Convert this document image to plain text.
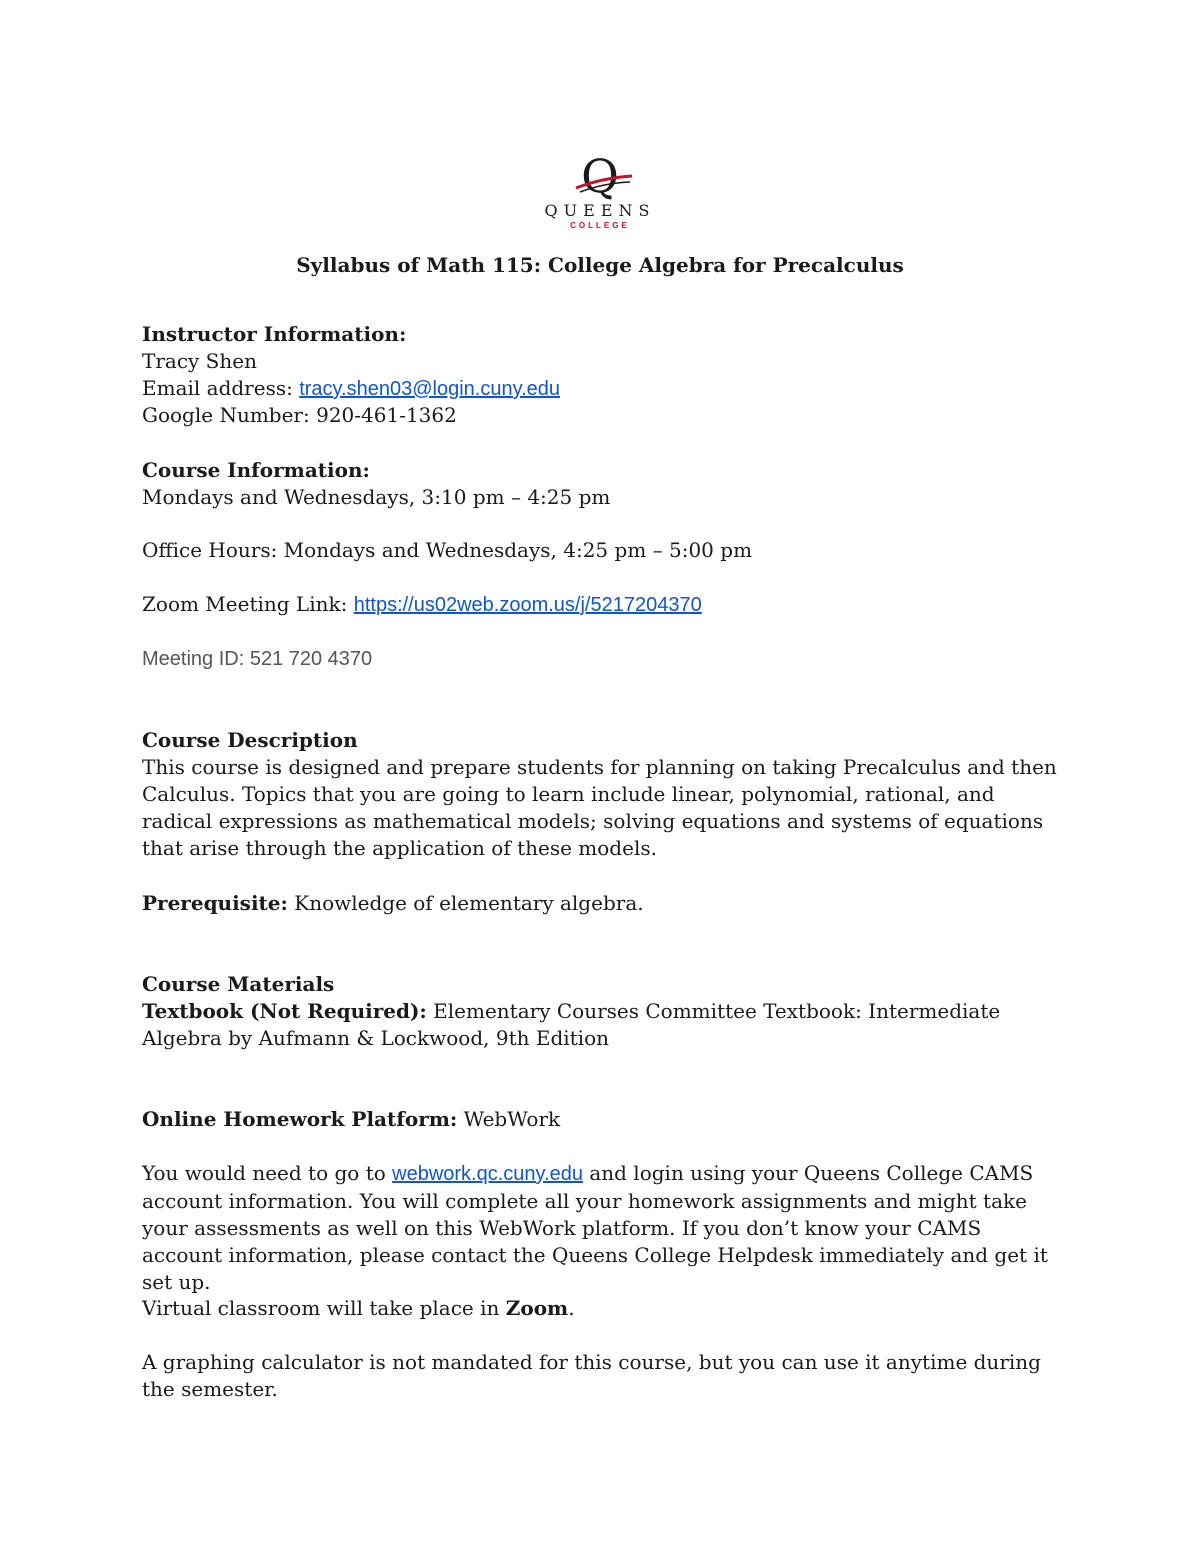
Q
QUEENS
COLLEGE
Syllabus of Math 115: College Algebra for Precalculus
Instructor Information:
Tracy Shen
Email address: tracy.shen03@login.cuny.edu
Google Number: 920-461-1362
Course Information:
Mondays and Wednesdays, 3:10 pm – 4:25 pm
Office Hours: Mondays and Wednesdays, 4:25 pm – 5:00 pm
Zoom Meeting Link: https://us02web.zoom.us/j/5217204370
Meeting ID: 521 720 4370
Course Description
This course is designed and prepare students for planning on taking Precalculus and then Calculus. Topics that you are going to learn include linear, polynomial, rational, and radical expressions as mathematical models; solving equations and systems of equations that arise through the application of these models.
Prerequisite: Knowledge of elementary algebra.
Course Materials
Textbook (Not Required): Elementary Courses Committee Textbook: Intermediate Algebra by Aufmann & Lockwood, 9th Edition
Online Homework Platform: WebWork
You would need to go to webwork.qc.cuny.edu and login using your Queens College CAMS account information. You will complete all your homework assignments and might take your assessments as well on this WebWork platform. If you don’t know your CAMS account information, please contact the Queens College Helpdesk immediately and get it set up.
Virtual classroom will take place in Zoom.
A graphing calculator is not mandated for this course, but you can use it anytime during the semester.
